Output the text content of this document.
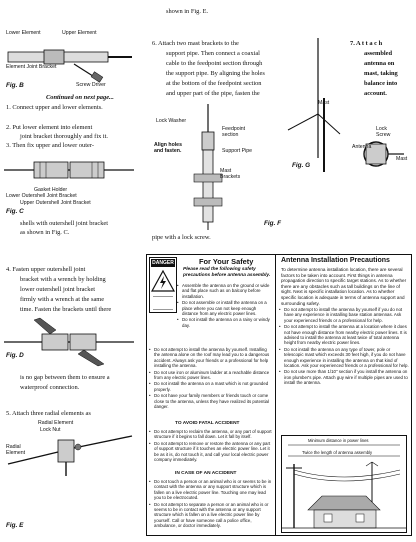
Lower Element	Upper Element
Element Joint Bracket
Screw Driver
Fig. B
Continued on next page...
1. Connect upper and lower elements.
2. Put lower element into element
joint bracket thoroughly and fix it.
3. Then fix upper and lower outer-
Gasket Holder
Lower Outershell Joint Bracket
Upper Outershell Joint Bracket
Fig. C
shells with outershell joint bracket
as shown in Fig. C.
4. Fasten upper outershell joint
bracket with a wrench by holding
lower outershell joint bracket
firmly with a wrench at the same
time. Fasten the brackets until there
Fig. D
is no gap between them to ensure a
waterproof connection.
5. Attach three radial elements as
Radial Element
Lock Nut
Radial
Element
Fig. E
shown in Fig. E.
6. Attach two mast brackets to the
support pipe. Then connect a coaxial
cable to the feedpoint section through
the support pipe. By aligning the holes
at the bottom of the feedpoint section
and upper part of the pipe, fasten the
Lock Washer
Feedpoint section
Align holes and fasten.	Support Pipe
Mast Brackets
Fig. F
pipe with a lock screw.
7. A t t a c h
assembled
antenna on
mast, taking
balance into
account.
Mast
Lock Screw
Antenna
Mast
Fig. G
DANGER	For Your Safety
Please read the following safety
precautions before antenna assembly.
• Assemble the antenna on the ground or wide and flat place such as on balcony before installation.
• Do not assemble or install the antenna on a place where you can not keep enough distance from any electric power lines.
• Do not install the antenna on a rainy or windy day.
• Do not attempt to install the antenna by yourself. Installing the antenna alone on the roof may lead you to a dangerous accident. Always ask your friends or a professional for help installing the antenna.
• Do not use iron or aluminum ladder at a reachable distance from any electric power lines.
• Do not install the antenna on a mast which is not grounded properly.
• Do not have your family members or friends touch or come close to the antenna, unless they have realized its potential danger.
TO AVOID FATAL ACCIDENT
• Do not attempt to reclaim the antenna, or any part of support structure if it begins to fall down. Let it fall by itself.
• Do not attempt to remove or restore the antenna or any part of support structure if it touches an electric power line. Let it be as it is, do not touch it, and call your local electric power company immediately.
IN CASE OF AN ACCIDENT
• Do not touch a person or an animal who is or seems to be in contact with the antenna or any support structure which is fallen on a live electric power line. Touching one may lead you to be electrocuted.
• Do not attempt to separate a person or an animal who is or seems to be in contact with the antenna or any support structure which is fallen on a live electric power line by yourself. Call or have someone call a police office, ambulance, or doctor immediately.
Antenna Installation Precautions
To determine antenna installation location, there are several factors to be taken into account. First things in antenna propagation direction to specific target stations. As to whether there are any obstacles such as tall buildings on the line of sight. Next is specific installation location. As to whether specific location is adequate in terms of antenna support and surrounding safety.
• Do not attempt to install the antenna by yourself if you do not have any experience in installing base station antennas. Ask your experienced friends or a professional for help.
• Do not attempt to install the antenna at a location where it does not have enough distance from nearby electric power lines. It is advised to install the antenna at least twice of total antenna height from nearby electric power lines.
• Do not install the antenna on any type of tower, pole or telescopic mast which exceeds 30 feet high, if you do not have enough experience in installing the antenna on that kind of location. Ask your experienced friends or a professional for help.
• Do not use more than 1/10" section if you install the antenna on iron plumber's pipe. Attach guy wire if multiple pipes are used to install the antenna.
Minimum distance in power lines
Twice the length of antenna assembly
